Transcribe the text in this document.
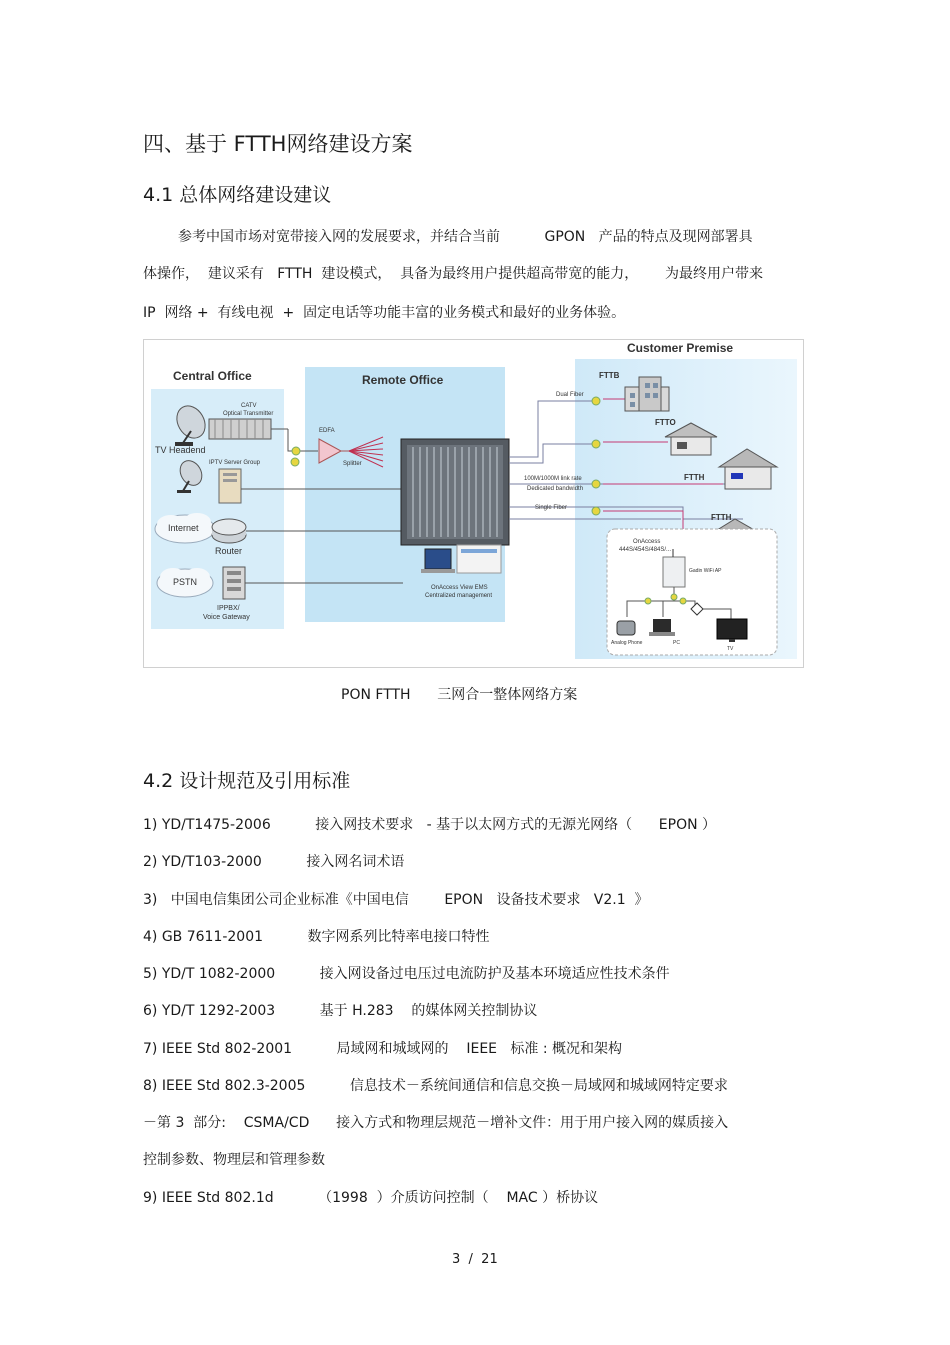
四、基于 FTTH网络建设方案
4.1 总体网络建设建议
参考中国市场对宽带接入网的发展要求，并结合当前          GPON   产品的特点及现网部署具
体操作，  建议采有   FTTH  建设模式，  具备为最终用户提供超高带宽的能力，      为最终用户带来
IP  网络 +  有线电视  +  固定电话等功能丰富的业务模式和最好的业务体验。
Central Office	Remote Office
Customer Premise
CATV
Optical Transmitter
TV Headend
IPTV Server Group
Internet
Router
PSTN
IPPBX/
Voice Gateway
EDFA
Splitter
OnAccess View EMS
Centralized management
Dual Fiber
100M/1000M link rate
Dedicated bandwidth
Single Fiber
FTTB
FTTO
FTTH
FTTH
OnAccess
444S/454S/484S/...
Gadin WiFi AP
Analog Phone	PC
TV
PON FTTH      三网合一整体网络方案
4.2 设计规范及引用标准
1) YD/T1475-2006          接入网技术要求   - 基于以太网方式的无源光网络（      EPON ）
2) YD/T103-2000          接入网名词术语
3)   中国电信集团公司企业标准《中国电信        EPON   设备技术要求   V2.1  》
4) GB 7611-2001          数字网系列比特率电接口特性
5) YD/T 1082-2000          接入网设备过电压过电流防护及基本环境适应性技术条件
6) YD/T 1292-2003          基于 H.283    的媒体网关控制协议
7) IEEE Std 802-2001          局域网和城域网的    IEEE   标准 : 概况和架构
8) IEEE Std 802.3-2005          信息技术－系统间通信和信息交换－局域网和城域网特定要求
－第 3  部分:    CSMA/CD      接入方式和物理层规范－增补文件：用于用户接入网的媒质接入
控制参数、物理层和管理参数
9) IEEE Std 802.1d          （1998  ）介质访问控制（    MAC ）桥协议
3  /  21
